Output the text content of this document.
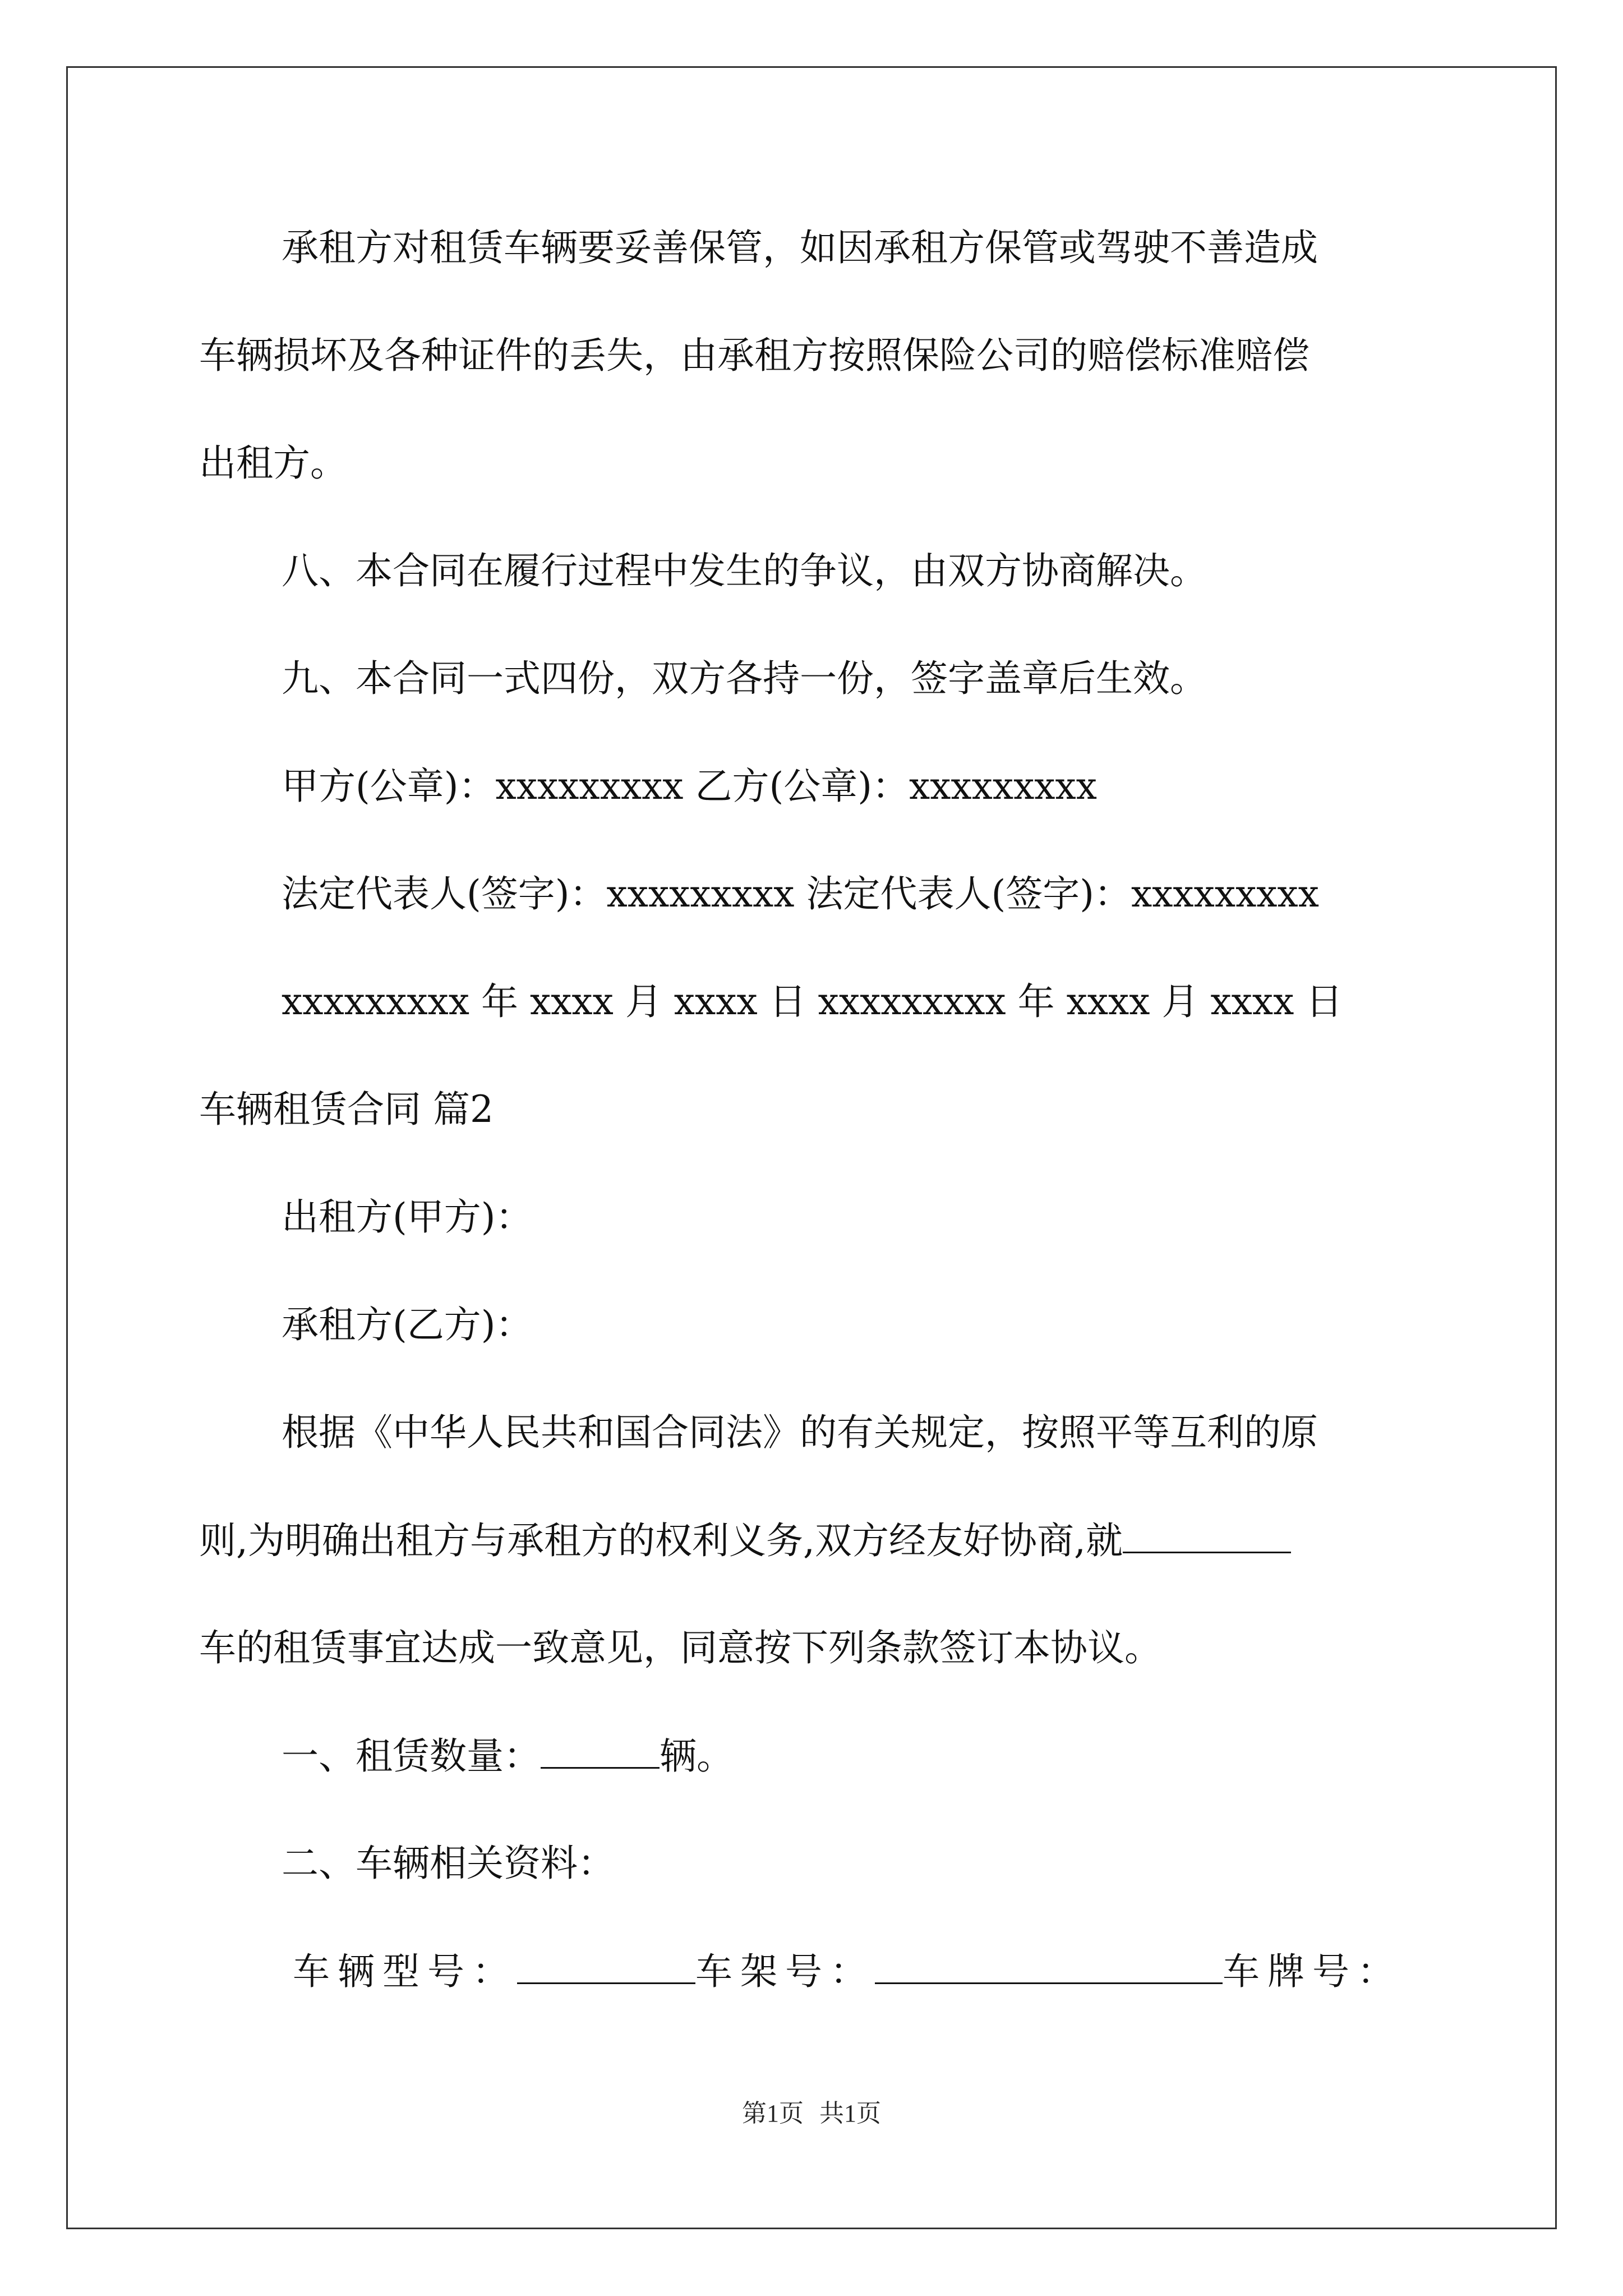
承租方对租赁车辆要妥善保管，如因承租方保管或驾驶不善造成
车辆损坏及各种证件的丢失，由承租方按照保险公司的赔偿标准赔偿
出租方。
八、本合同在履行过程中发生的争议，由双方协商解决。
九、本合同一式四份，双方各持一份，签字盖章后生效。
甲方(公章)：xxxxxxxxx 乙方(公章)：xxxxxxxxx
法定代表人(签字)：xxxxxxxxx 法定代表人(签字)：xxxxxxxxx
xxxxxxxxx 年 xxxx 月 xxxx 日 xxxxxxxxx 年 xxxx 月 xxxx 日
车辆租赁合同 篇2
出租方(甲方)：
承租方(乙方)：
根据《中华人民共和国合同法》的有关规定，按照平等互利的原
则,为明确出租方与承租方的权利义务,双方经友好协商,就
车的租赁事宜达成一致意见，同意按下列条款签订本协议。
一、租赁数量：	辆。
二、车辆相关资料：
车辆型号：	车架号：	车牌号：
第1页 共1页
